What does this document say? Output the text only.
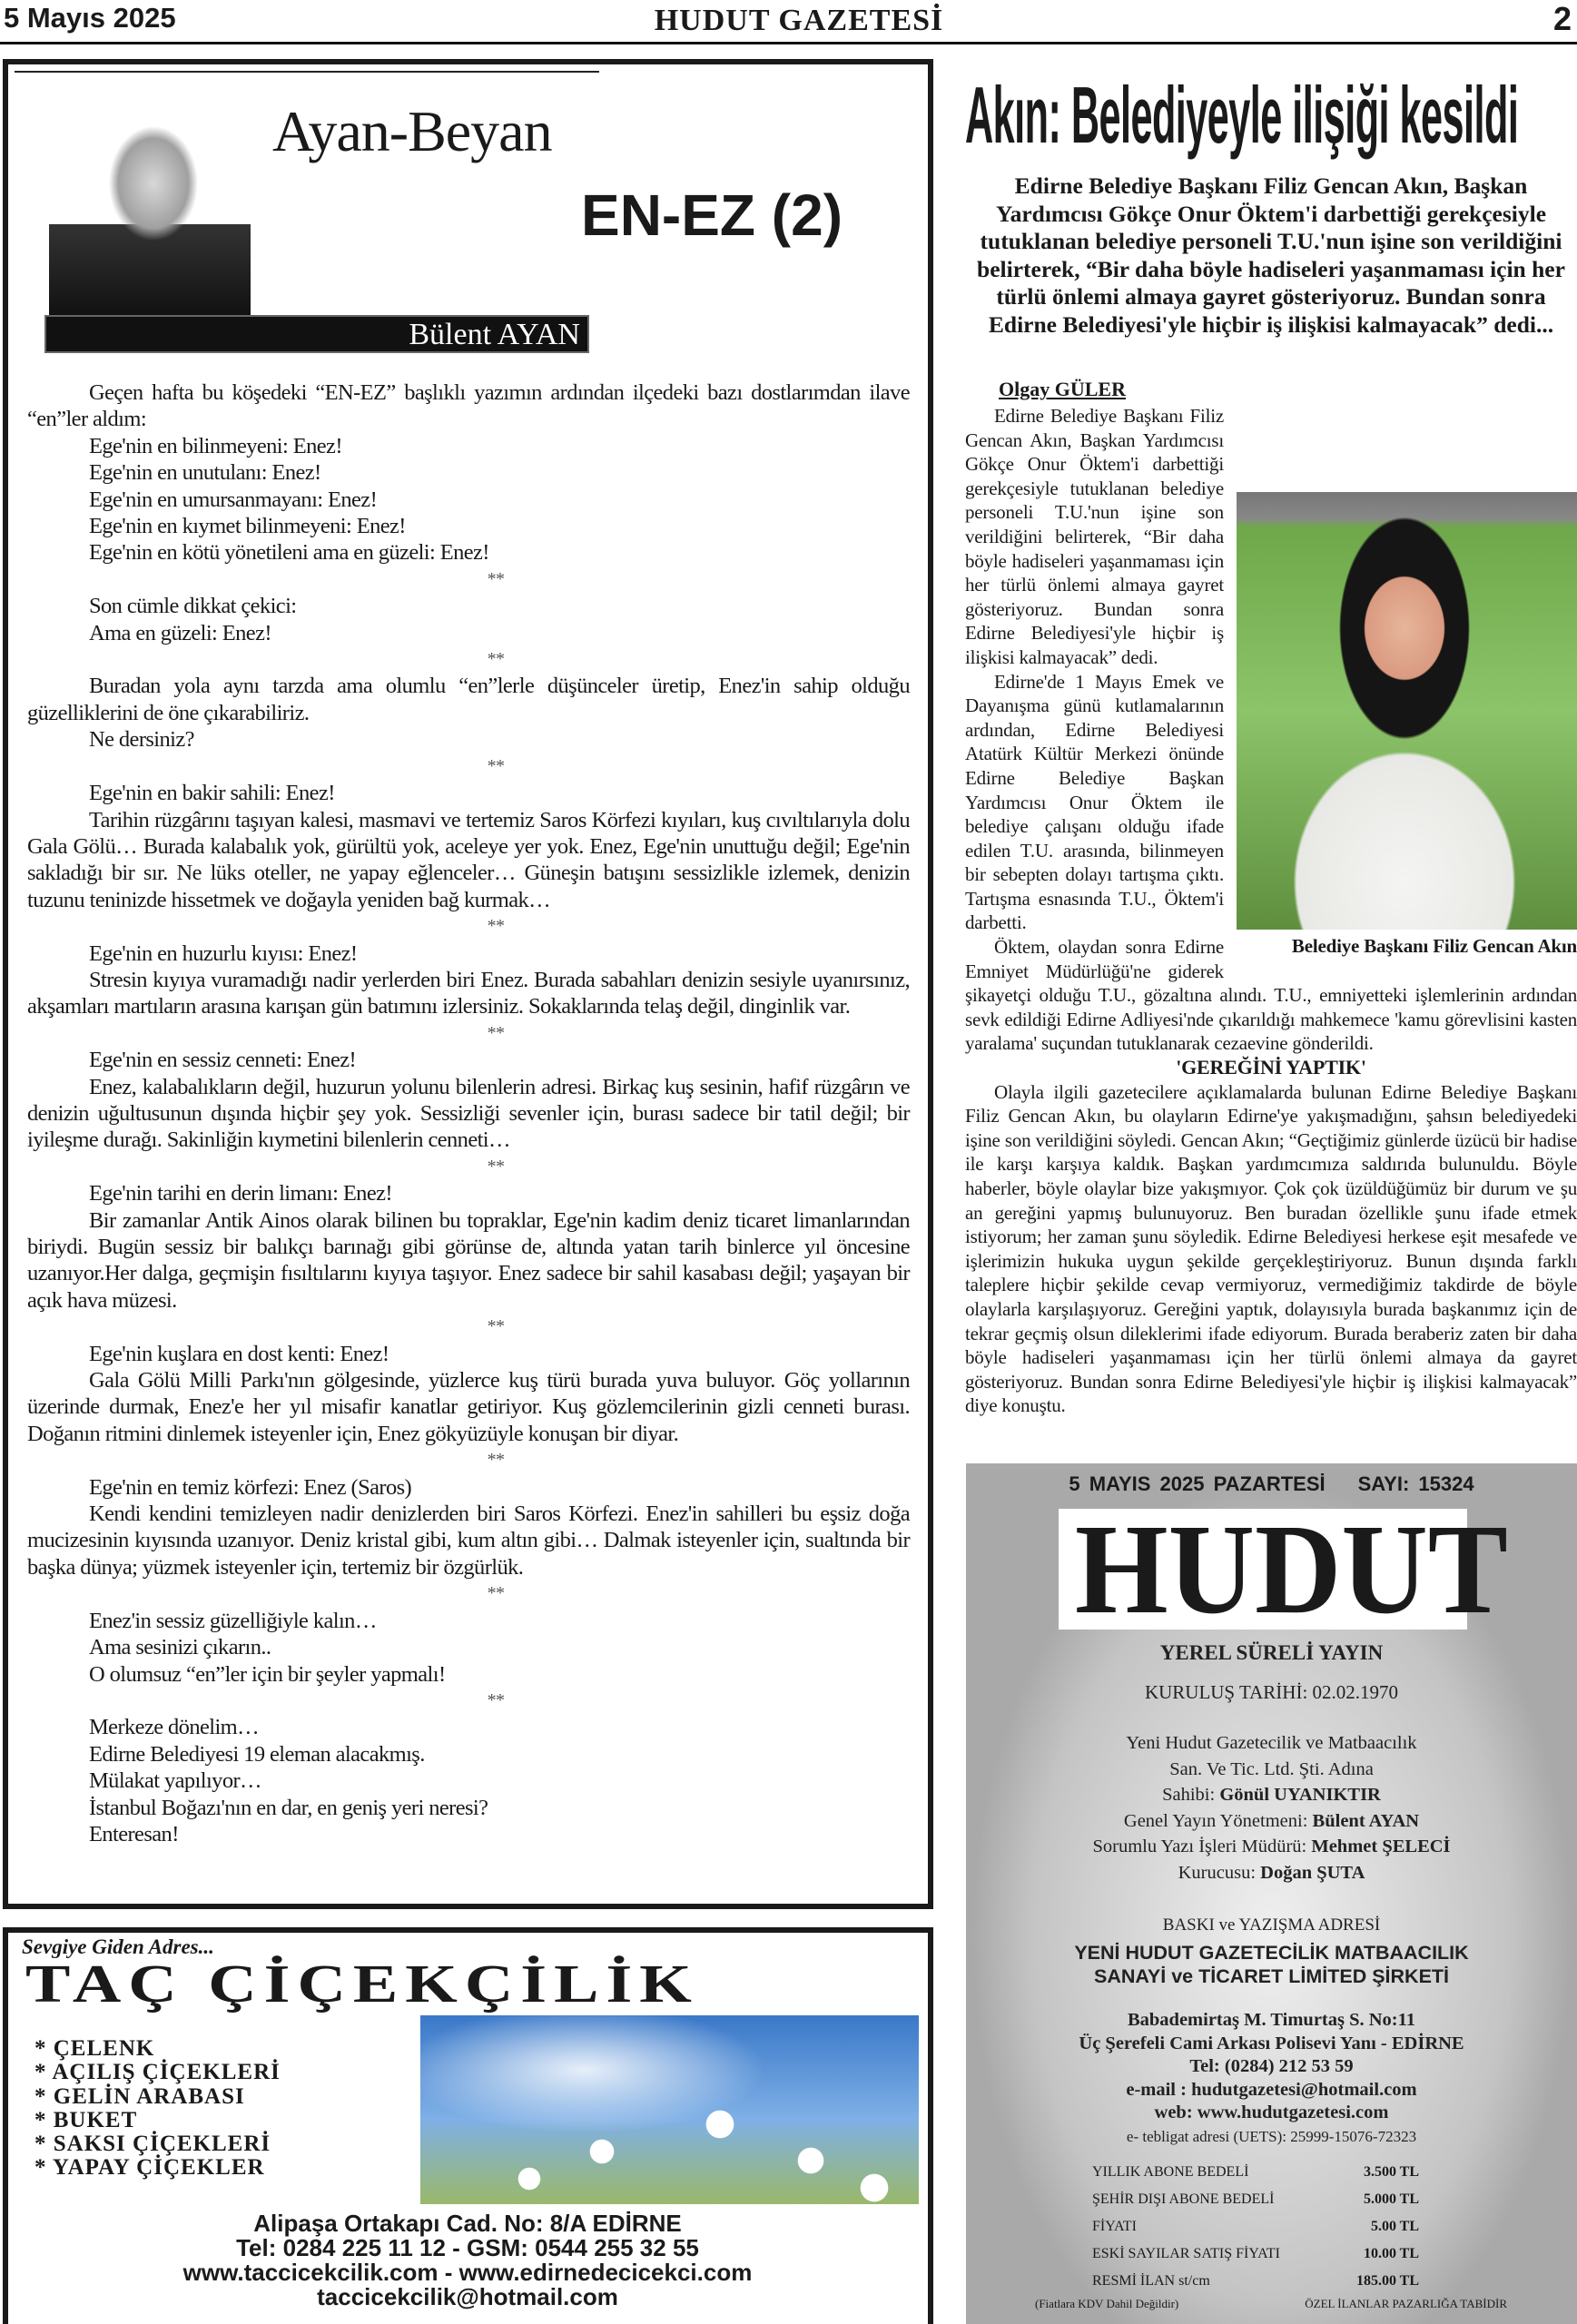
5 Mayıs 2025	HUDUT GAZETESİ	2
Ayan-Beyan
EN-EZ (2)
Bülent AYAN
Geçen hafta bu köşedeki “EN-EZ” başlıklı yazımın ardından ilçedeki bazı dostlarımdan ilave “en”ler aldım:
Ege'nin en bilinmeyeni: Enez!
Ege'nin en unutulanı: Enez!
Ege'nin en umursanmayanı: Enez!
Ege'nin en kıymet bilinmeyeni: Enez!
Ege'nin en kötü yönetileni ama en güzeli: Enez!
**
Son cümle dikkat çekici:
Ama en güzeli: Enez!
**
Buradan yola aynı tarzda ama olumlu “en”lerle düşünceler üretip, Enez'in sahip olduğu güzelliklerini de öne çıkarabiliriz.
Ne dersiniz?
**
Ege'nin en bakir sahili: Enez!
Tarihin rüzgârını taşıyan kalesi, masmavi ve tertemiz Saros Körfezi kıyıları, kuş cıvıltılarıyla dolu Gala Gölü… Burada kalabalık yok, gürültü yok, aceleye yer yok. Enez, Ege'nin unuttuğu değil; Ege'nin sakladığı bir sır. Ne lüks oteller, ne yapay eğlenceler… Güneşin batışını sessizlikle izlemek, denizin tuzunu teninizde hissetmek ve doğayla yeniden bağ kurmak…
**
Ege'nin en huzurlu kıyısı: Enez!
Stresin kıyıya vuramadığı nadir yerlerden biri Enez. Burada sabahları denizin sesiyle uyanırsınız, akşamları martıların arasına karışan gün batımını izlersiniz. Sokaklarında telaş değil, dinginlik var.
**
Ege'nin en sessiz cenneti: Enez!
Enez, kalabalıkların değil, huzurun yolunu bilenlerin adresi. Birkaç kuş sesinin, hafif rüzgârın ve denizin uğultusunun dışında hiçbir şey yok. Sessizliği sevenler için, burası sadece bir tatil değil; bir iyileşme durağı. Sakinliğin kıymetini bilenlerin cenneti…
**
Ege'nin tarihi en derin limanı: Enez!
Bir zamanlar Antik Ainos olarak bilinen bu topraklar, Ege'nin kadim deniz ticaret limanlarından biriydi. Bugün sessiz bir balıkçı barınağı gibi görünse de, altında yatan tarih binlerce yıl öncesine uzanıyor.Her dalga, geçmişin fısıltılarını kıyıya taşıyor. Enez sadece bir sahil kasabası değil; yaşayan bir açık hava müzesi.
**
Ege'nin kuşlara en dost kenti: Enez!
Gala Gölü Milli Parkı'nın gölgesinde, yüzlerce kuş türü burada yuva buluyor. Göç yollarının üzerinde durmak, Enez'e her yıl misafir kanatlar getiriyor. Kuş gözlemcilerinin gizli cenneti burası. Doğanın ritmini dinlemek isteyenler için, Enez gökyüzüyle konuşan bir diyar.
**
Ege'nin en temiz körfezi: Enez (Saros)
Kendi kendini temizleyen nadir denizlerden biri Saros Körfezi. Enez'in sahilleri bu eşsiz doğa mucizesinin kıyısında uzanıyor. Deniz kristal gibi, kum altın gibi… Dalmak isteyenler için, sualtında bir başka dünya; yüzmek isteyenler için, tertemiz bir özgürlük.
**
Enez'in sessiz güzelliğiyle kalın…
Ama sesinizi çıkarın..
O olumsuz “en”ler için bir şeyler yapmalı!
**
Merkeze dönelim…
Edirne Belediyesi 19 eleman alacakmış.
Mülakat yapılıyor…
İstanbul Boğazı'nın en dar, en geniş yeri neresi?
Enteresan!
Sevgiye Giden Adres...
TAÇ ÇİÇEKÇİLİK
* ÇELENK
* AÇILIŞ ÇİÇEKLERİ
* GELİN ARABASI
* BUKET
* SAKSI ÇİÇEKLERİ
* YAPAY ÇİÇEKLER
Alipaşa Ortakapı Cad. No: 8/A EDİRNE
Tel: 0284 225 11 12 - GSM: 0544 255 32 55
www.taccicekcilik.com - www.edirnedecicekci.com
taccicekcilik@hotmail.com
Akın: Belediyeyle ilişiği kesildi
Edirne Belediye Başkanı Filiz Gencan Akın, Başkan Yardımcısı Gökçe Onur Öktem'i darbettiği gerekçesiyle tutuklanan belediye personeli T.U.'nun işine son verildiğini belirterek, “Bir daha böyle hadiseleri yaşanmaması için her türlü önlemi almaya gayret gösteriyoruz. Bundan sonra Edirne Belediyesi'yle hiçbir iş ilişkisi kalmayacak” dedi...
Olgay GÜLER
Belediye Başkanı Filiz Gencan Akın
Edirne Belediye Başkanı Filiz Gencan Akın, Başkan Yardımcısı Gökçe Onur Öktem'i darbettiği gerekçesiyle tutuklanan belediye personeli T.U.'nun işine son verildiğini belirterek, “Bir daha böyle hadiseleri yaşanmaması için her türlü önlemi almaya gayret gösteriyoruz. Bundan sonra Edirne Belediyesi'yle hiçbir iş ilişkisi kalmayacak” dedi.
Edirne'de 1 Mayıs Emek ve Dayanışma günü kutlamalarının ardından, Edirne Belediyesi Atatürk Kültür Merkezi önünde Edirne Belediye Başkan Yardımcısı Onur Öktem ile belediye çalışanı olduğu ifade edilen T.U. arasında, bilinmeyen bir sebepten dolayı tartışma çıktı. Tartışma esnasında T.U., Öktem'i darbetti.
Öktem, olaydan sonra Edirne Emniyet Müdürlüğü'ne giderek şikayetçi olduğu T.U., gözaltına alındı. T.U., emniyetteki işlemlerinin ardından sevk edildiği Edirne Adliyesi'nde çıkarıldığı mahkemece 'kamu görevlisini kasten yaralama' suçundan tutuklanarak cezaevine gönderildi.
'GEREĞİNİ YAPTIK'
Olayla ilgili gazetecilere açıklamalarda bulunan Edirne Belediye Başkanı Filiz Gencan Akın, bu olayların Edirne'ye yakışmadığını, şahsın belediyedeki işine son verildiğini söyledi. Gencan Akın; “Geçtiğimiz günlerde üzücü bir hadise ile karşı karşıya kaldık. Başkan yardımcımıza saldırıda bulunuldu. Böyle haberler, böyle olaylar bize yakışmıyor. Çok çok üzüldüğümüz bir durum ve şu an gereğini yapmış bulunuyoruz. Ben buradan özellikle şunu ifade etmek istiyorum; her zaman şunu söyledik. Edirne Belediyesi herkese eşit mesafede ve işlerimizin hukuka uygun şekilde gerçekleştiriyoruz. Bunun dışında farklı taleplere hiçbir şekilde cevap vermiyoruz, vermediğimiz takdirde de böyle olaylarla karşılaşıyoruz. Gereğini yaptık, dolayısıyla burada başkanımız için de tekrar geçmiş olsun dileklerimi ifade ediyorum. Burada beraberiz zaten bir daha böyle hadiseleri yaşanmaması için her türlü önlemi almaya da gayret gösteriyoruz. Bundan sonra Edirne Belediyesi'yle hiçbir iş ilişkisi kalmayacak” diye konuştu.
5 MAYIS 2025 PAZARTESİ SAYI: 15324
HUDUT
YEREL SÜRELİ YAYIN
KURULUŞ TARİHİ: 02.02.1970
Yeni Hudut Gazetecilik ve Matbaacılık
San. Ve Tic. Ltd. Şti. Adına
Sahibi: Gönül UYANIKTIR
Genel Yayın Yönetmeni: Bülent AYAN
Sorumlu Yazı İşleri Müdürü: Mehmet ŞELECİ
Kurucusu: Doğan ŞUTA
BASKI ve YAZIŞMA ADRESİ
YENİ HUDUT GAZETECİLİK MATBAACILIK
SANAYİ ve TİCARET LİMİTED ŞİRKETİ
Babademirtaş M. Timurtaş S. No:11
Üç Şerefeli Cami Arkası Polisevi Yanı - EDİRNE
Tel: (0284) 212 53 59
e-mail : hudutgazetesi@hotmail.com
web: www.hudutgazetesi.com
e- tebligat adresi (UETS): 25999-15076-72323
YILLIK ABONE BEDELİ	3.500 TL
ŞEHİR DIŞI ABONE BEDELİ	5.000 TL
FİYATI	5.00 TL
ESKİ SAYILAR SATIŞ FİYATI	10.00 TL
RESMİ İLAN st/cm	185.00 TL
(Fiatlara KDV Dahil Değildir)	ÖZEL İLANLAR PAZARLIĞA TABİDİR
